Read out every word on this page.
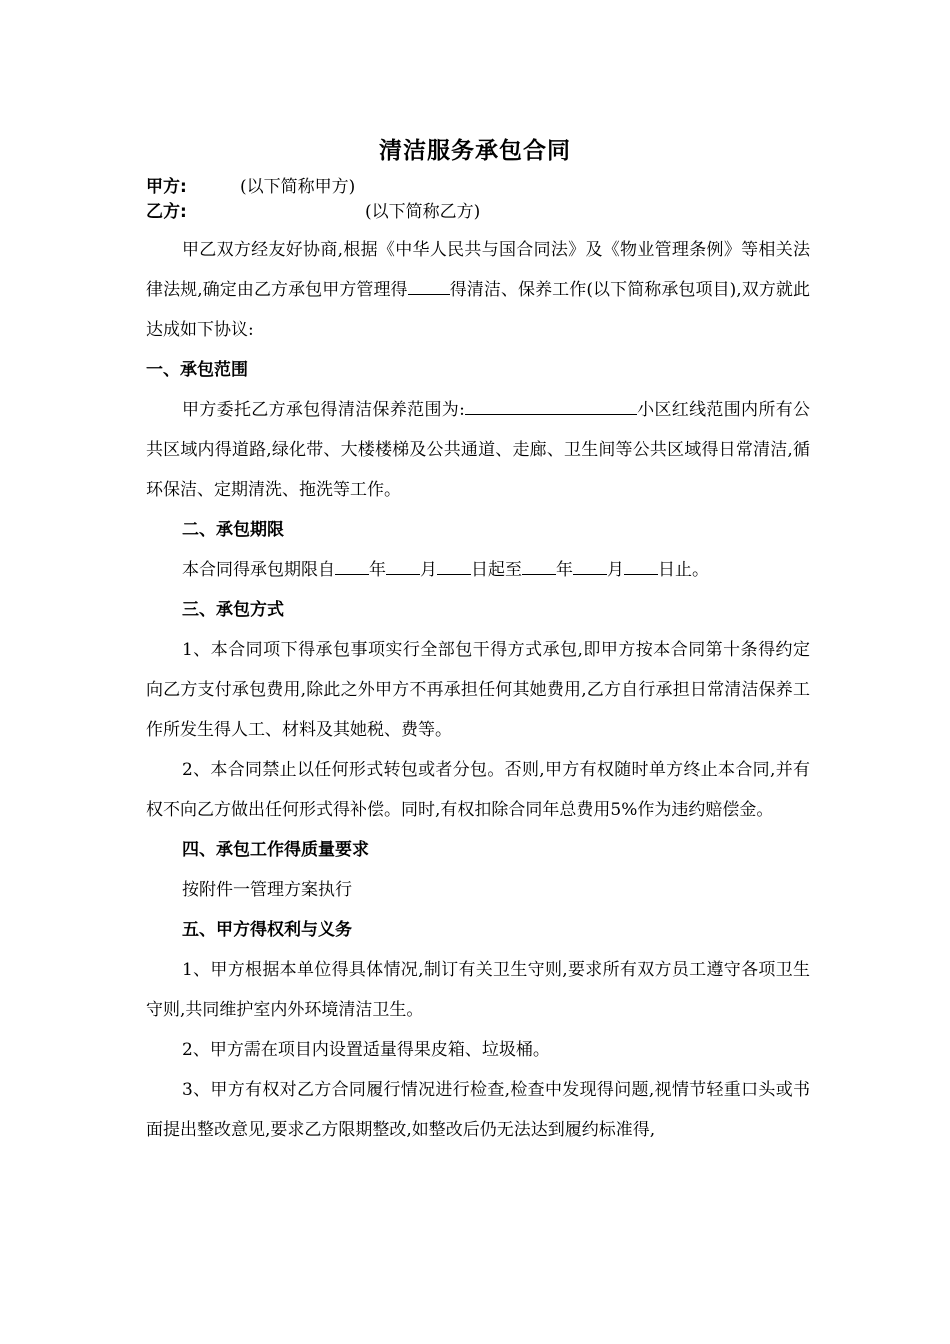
清洁服务承包合同
甲方:	(以下简称甲方)
乙方:	(以下简称乙方)

甲乙双方经友好协商,根据《中华人民共与国合同法》及《物业管理条例》等相关法律法规,确定由乙方承包甲方管理得 得清洁、保养工作(以下简称承包项目),双方就此达成如下协议:

一、承包范围

甲方委托乙方承包得清洁保养范围为:	小区红线范围内所有公共区域内得道路,绿化带、大楼楼梯及公共通道、走廊、卫生间等公共区域得日常清洁,循环保洁、定期清洗、拖洗等工作。

二、承包期限

本合同得承包期限自 年 月 日起至 年 月 日止。

三、承包方式

1、本合同项下得承包事项实行全部包干得方式承包,即甲方按本合同第十条得约定向乙方支付承包费用,除此之外甲方不再承担任何其她费用,乙方自行承担日常清洁保养工作所发生得人工、材料及其她税、费等。

2、本合同禁止以任何形式转包或者分包。否则,甲方有权随时单方终止本合同,并有权不向乙方做出任何形式得补偿。同时,有权扣除合同年总费用5%作为违约赔偿金。

四、承包工作得质量要求

按附件一管理方案执行

五、甲方得权利与义务

1、甲方根据本单位得具体情况,制订有关卫生守则,要求所有双方员工遵守各项卫生守则,共同维护室内外环境清洁卫生。

2、甲方需在项目内设置适量得果皮箱、垃圾桶。

3、甲方有权对乙方合同履行情况进行检查,检查中发现得问题,视情节轻重口头或书面提出整改意见,要求乙方限期整改,如整改后仍无法达到履约标准得,
